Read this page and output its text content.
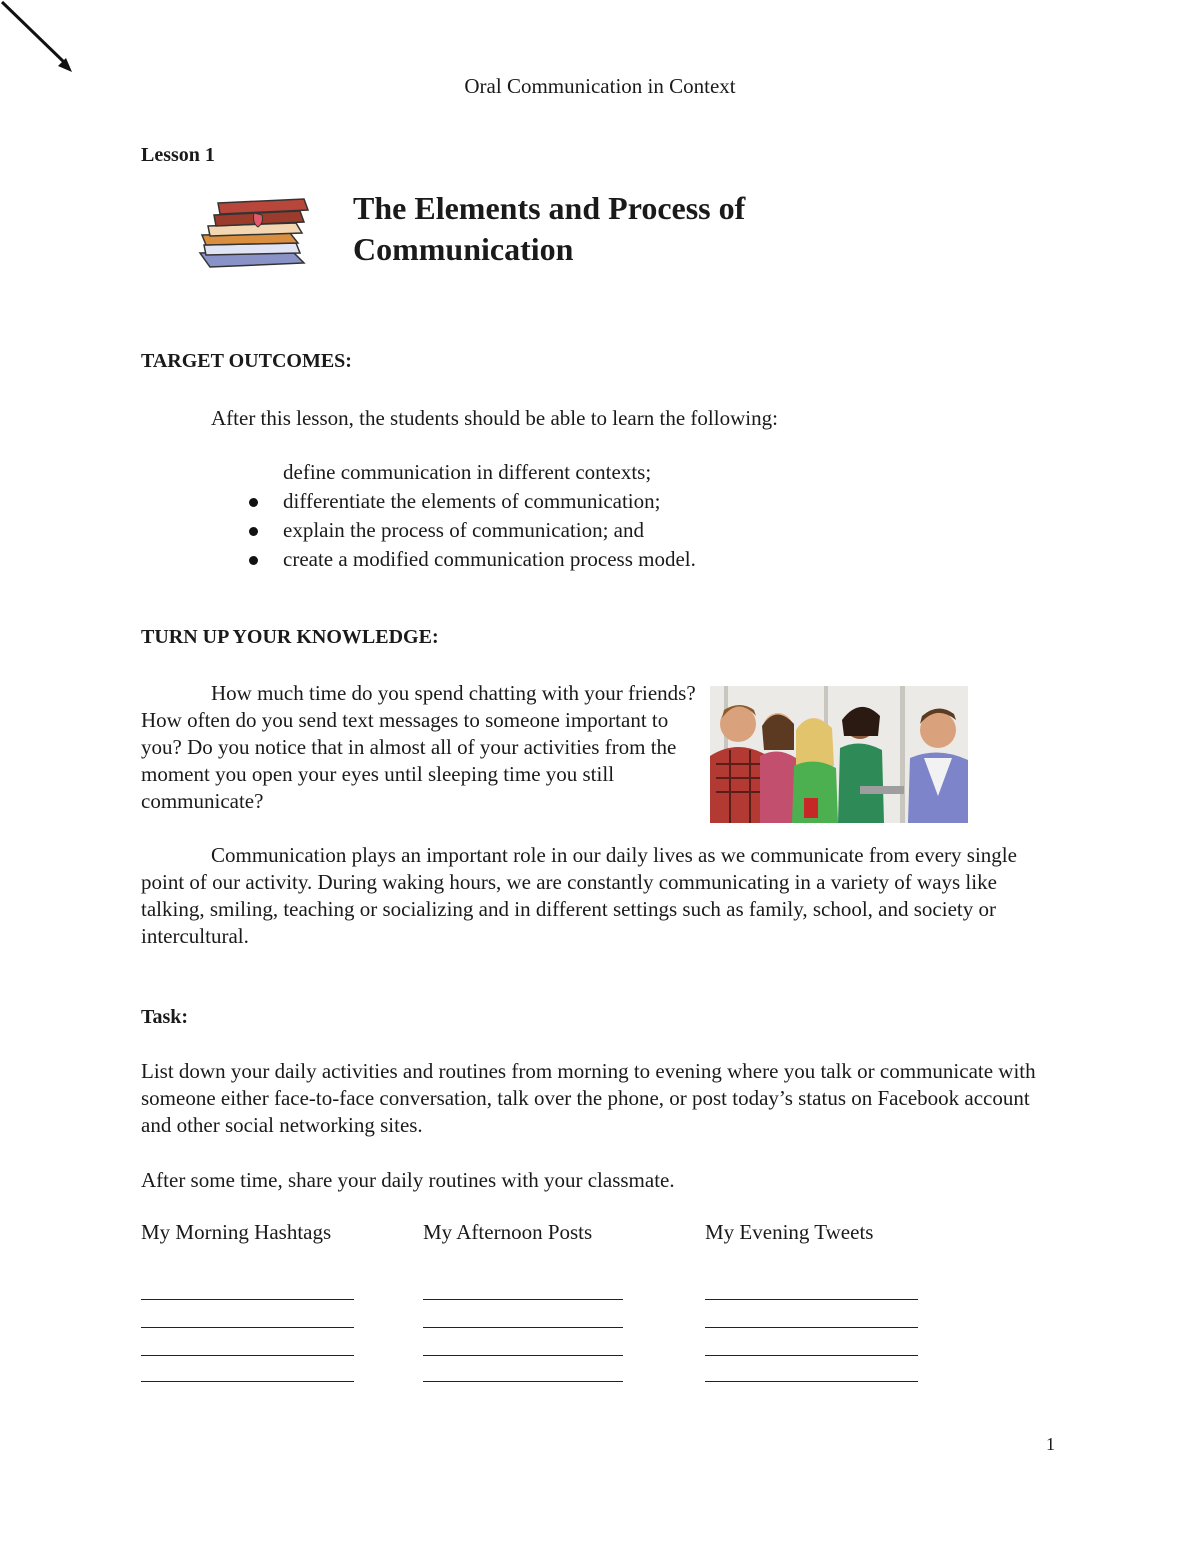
Oral Communication in Context
Lesson 1
The Elements and Process of Communication
TARGET OUTCOMES:
After this lesson, the students should be able to learn the following:
define communication in different contexts;
differentiate the elements of communication;
explain the process of communication; and
create a modified communication process model.
TURN UP YOUR KNOWLEDGE:
How much time do you spend chatting with your friends? How often do you send text messages to someone important to you? Do you notice that in almost all of your activities from the moment you open your eyes until sleeping time you still communicate?
Communication plays an important role in our daily lives as we communicate from every single point of our activity. During waking hours, we are constantly communicating in a variety of ways like talking, smiling, teaching or socializing and in different settings such as family, school, and society or intercultural.
Task:
List down your daily activities and routines from morning to evening where you talk or communicate with someone either face-to-face conversation, talk over the phone, or post today’s status on Facebook account and other social networking sites.
After some time, share your daily routines with your classmate.
My Morning Hashtags	My Afternoon Posts	My Evening Tweets
1
